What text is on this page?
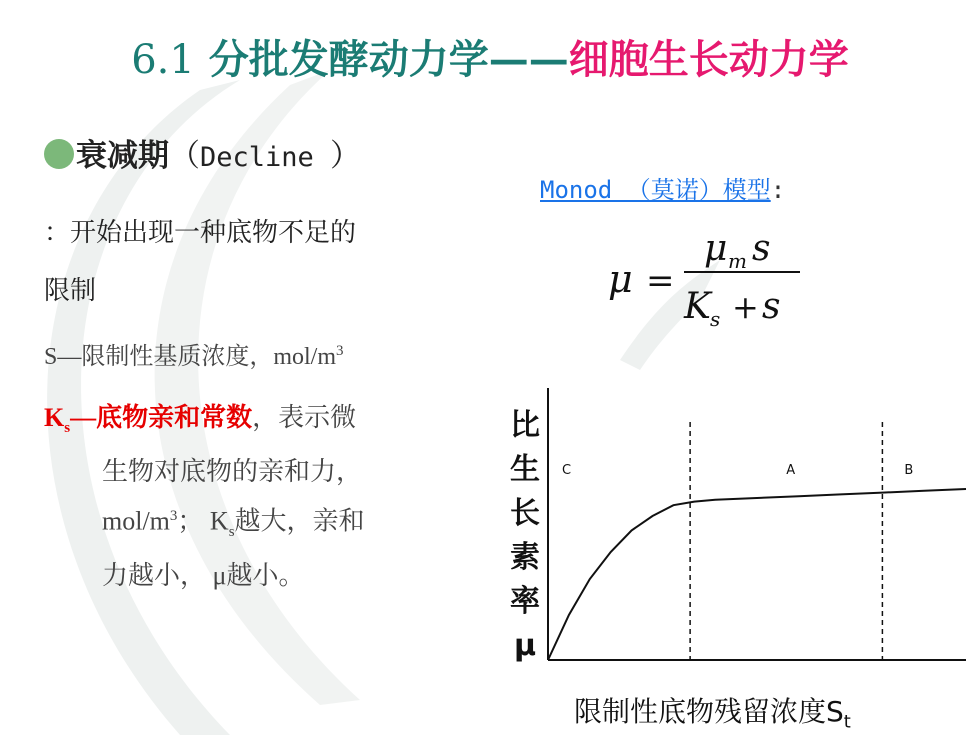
6.1 分批发酵动力学——细胞生长动力学
衰减期（Decline ）
：开始出现一种底物不足的
限制
S—限制性基质浓度，mol/$m^3$
$K_s—$底物亲和常数，表示微
生物对底物的亲和力，
mol/$m^3$； $K_s$越大，亲和
力越小， μ越小。
Monod （莫诺）模型:
μ =
μ m s
K s + s
C	A	B
比
生
长
素
率
μ
限制性底物残留浓度$S_t$
